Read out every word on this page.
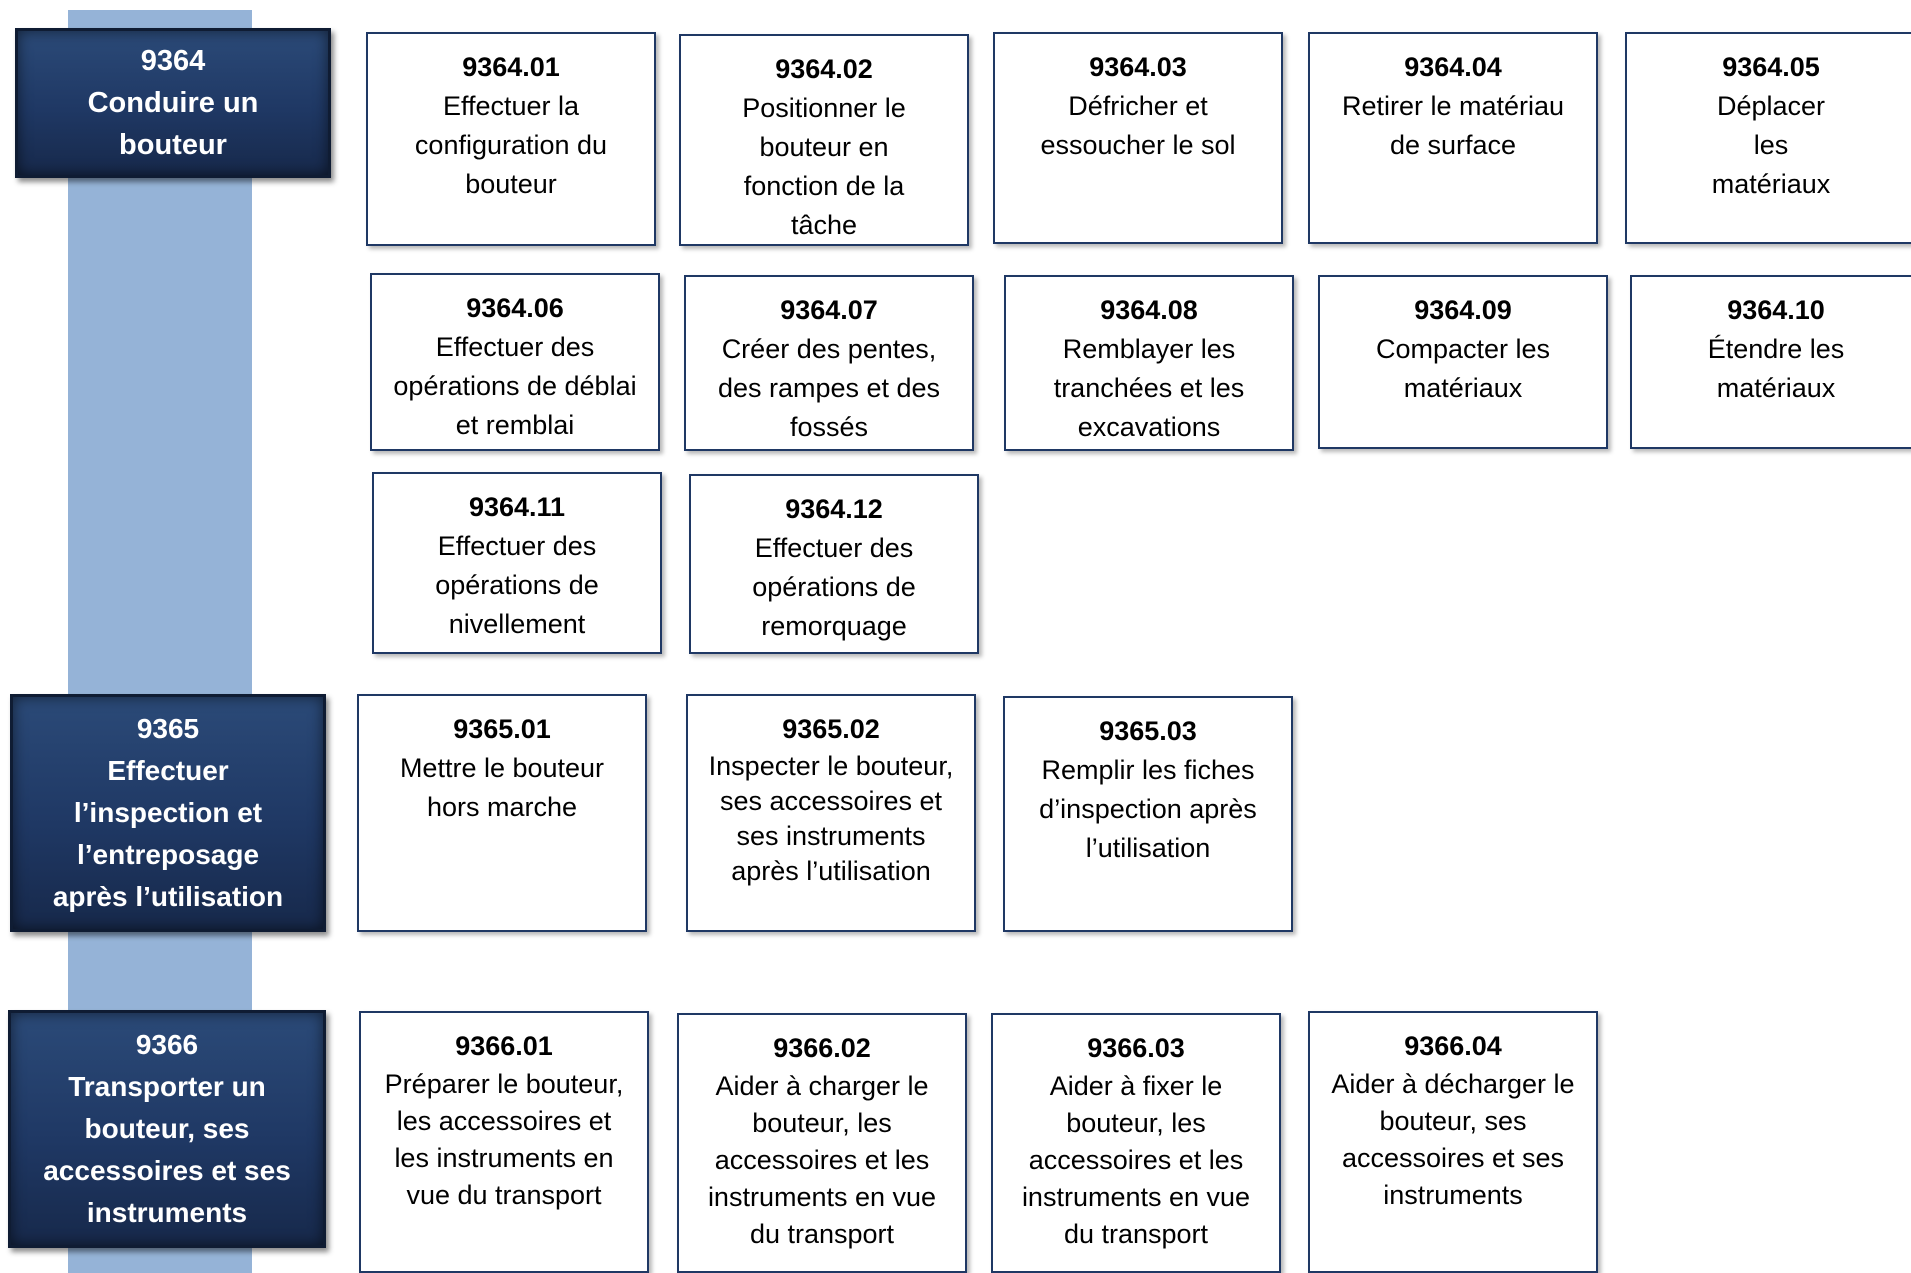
9364
Conduire un bouteur
9365
Effectuer l’inspection et l’entreposage après l’utilisation
9366
Transporter un bouteur, ses accessoires et ses instruments
9364.01
Effectuer la configuration du bouteur
9364.02
Positionner le bouteur en fonction de la tâche
9364.03
Défricher et essoucher le sol
9364.04
Retirer le matériau de surface
9364.05
Déplacer les matériaux
9364.06
Effectuer des opérations de déblai et remblai
9364.07
Créer des pentes, des rampes et des fossés
9364.08
Remblayer les tranchées et les excavations
9364.09
Compacter les matériaux
9364.10
Étendre les matériaux
9364.11
Effectuer des opérations de nivellement
9364.12
Effectuer des opérations de remorquage
9365.01
Mettre le bouteur hors marche
9365.02
Inspecter le bouteur, ses accessoires et ses instruments après l’utilisation
9365.03
Remplir les fiches d’inspection après l’utilisation
9366.01
Préparer le bouteur, les accessoires et les instruments en vue du transport
9366.02
Aider à charger le bouteur, les accessoires et les instruments en vue du transport
9366.03
Aider à fixer le bouteur, les accessoires et les instruments en vue du transport
9366.04
Aider à décharger le bouteur, ses accessoires et ses instruments
